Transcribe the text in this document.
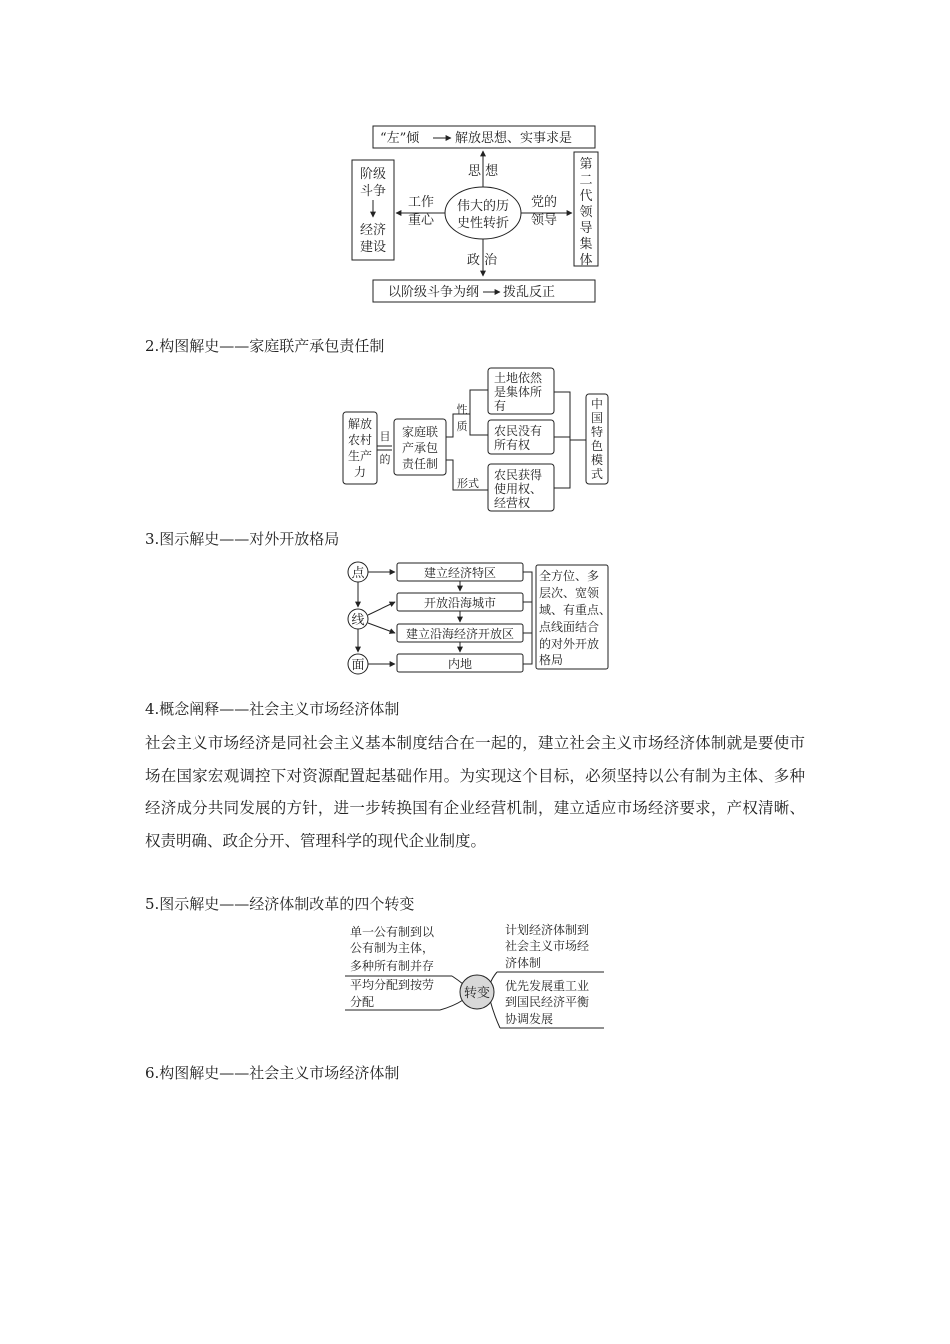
“左”倾	解放思想、实事求是
以阶级斗争为纲 拨乱反正
伟大的历
史性转折
思 想
政 治
工作
重心
党的
领导
阶级
斗争
经济
建设
第
二
代
领
导
集
体
2.构图解史——家庭联产承包责任制
解放
农村
生产
力
目
的
家庭联
产承包
责任制
性
质
形式
土地依然
是集体所
有
农民没有
所有权
农民获得
使用权、
经营权
中
国
特
色
模
式
3.图示解史——对外开放格局
点
线
面
建立经济特区
开放沿海城市
建立沿海经济开放区
内地
全方位、多
层次、宽领
域、有重点、
点线面结合
的对外开放
格局
4.概念阐释——社会主义市场经济体制

社会主义市场经济是同社会主义基本制度结合在一起的，建立社会主义市场经济体制就是要使市场在国家宏观调控下对资源配置起基础作用。为实现这个目标，必须坚持以公有制为主体、多种经济成分共同发展的方针，进一步转换国有企业经营机制，建立适应市场经济要求，产权清晰、权责明确、政企分开、管理科学的现代企业制度。

5.图示解史——经济体制改革的四个转变
转变
单一公有制到以
公有制为主体，
多种所有制并存
平均分配到按劳
分配
计划经济体制到
社会主义市场经
济体制
优先发展重工业
到国民经济平衡
协调发展
6.构图解史——社会主义市场经济体制
